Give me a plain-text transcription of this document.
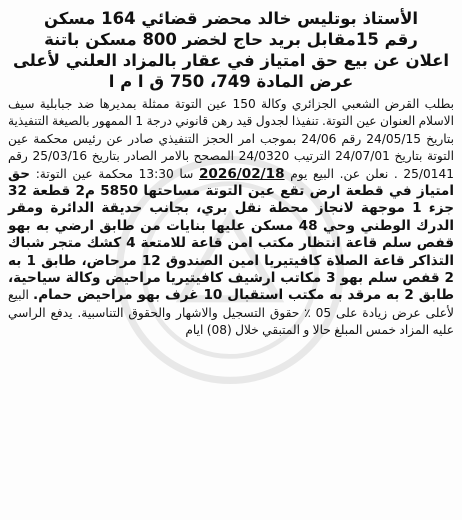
الأستاذ بوتليس خالد محضر قضائي 164 مسكن
رقم 15مقابل بريد حاج لخضر 800 مسكن باتنة
اعلان عن بيع حق امتياز في عقار بالمزاد العلني لأعلى
عرض المادة 749، 750 ق ا م ا
بطلب القرض الشعبي الجزائري وكالة 150 عين التوتة ممثلة بمديرها ضد جبابلية سيف الاسلام العنوان عين التوتة. تنفيذا لجدول قيد رهن قانوني درجة 1 الممهور بالصيغة التنفيذية بتاريخ 24/05/15 رقم 24/06 بموجب امر الحجز التنفيذي صادر عن رئيس محكمة عين التوتة بتاريخ 24/07/01 الترتيب 24/0320 المصحح بالامر الصادر بتاريخ 25/03/16 رقم 25/0141 . نعلن عن. البيع يوم 2026/02/18 سا 13:30 محكمة عين التوتة: حق امتياز في قطعة ارض تقع عين التوتة مساحتها 5850 م2 قطعة 32 جزء 1 موجهة لانجاز محطة نقل بري، بجانب حديقة الدائرة ومقر الدرك الوطني وحي 48 مسكن عليها بنايات من طابق ارضي به بهو قفص سلم قاعة انتظار مكتب امن قاعة للامتعة 4 كشك متجر شباك التذاكر قاعة الصلاة كافيتيريا امين الصندوق 12 مرحاض، طابق 1 به 2 قفص سلم بهو 3 مكاتب ارشيف كافيتيريا مراحيض وكالة سياحية، طابق 2 به مرقد به مكتب استقبال 10 غرف بهو مراحيض حمام. البيع لأعلى عرض زيادة على 05 ٪ حقوق التسجيل والاشهار والحقوق التناسبية. يدفع الراسي عليه المزاد خمس المبلغ حالا و المتبقي خلال (08) ايام
